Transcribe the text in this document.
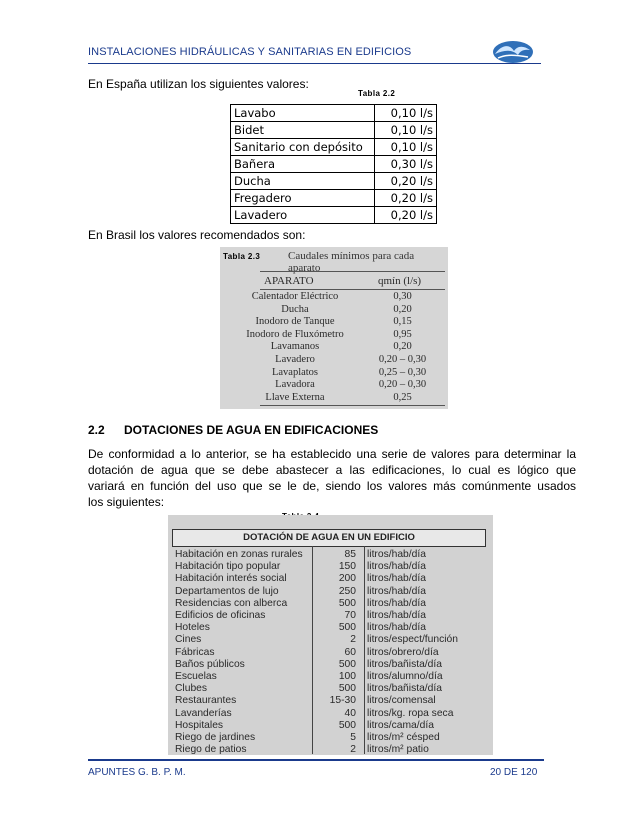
INSTALACIONES HIDRÁULICAS Y SANITARIAS EN EDIFICIOS
En España utilizan los siguientes valores:
Tabla 2.2
Lavabo	0,10 l/s
Bidet	0,10 l/s
Sanitario con depósito	0,10 l/s
Bañera	0,30 l/s
Ducha	0,20 l/s
Fregadero	0,20 l/s
Lavadero	0,20 l/s
En Brasil los valores recomendados son:
Tabla 2.3	Caudales mínimos para cada aparato
APARATO	qmín (l/s)
Calentador Eléctrico	0,30
Ducha	0,20
Inodoro de Tanque	0,15
Inodoro de Fluxómetro	0,95
Lavamanos	0,20
Lavadero	0,20 – 0,30
Lavaplatos	0,25 – 0,30
Lavadora	0,20 – 0,30
Llave Externa	0,25
2.2 DOTACIONES DE AGUA EN EDIFICACIONES
De conformidad a lo anterior, se ha establecido una serie de valores para determinar la
dotación de agua que se debe abastecer a las edificaciones, lo cual es lógico que
variará en función del uso que se le de, siendo los valores más comúnmente usados
los siguientes:
DOTACIÓN DE AGUA EN UN EDIFICIO
Habitación en zonas rurales	85 litros/hab/día
Habitación tipo popular	150 litros/hab/día
Habitación interés social	200 litros/hab/día
Departamentos de lujo	250 litros/hab/día
Residencias con alberca	500 litros/hab/día
Edificios de oficinas	70 litros/hab/día
Hoteles	500 litros/hab/día
Cines	2 litros/espect/función
Fábricas	60 litros/obrero/día
Baños públicos	500 litros/bañista/día
Escuelas	100 litros/alumno/día
Clubes	500 litros/bañista/día
Restaurantes	15-30 litros/comensal
Lavanderías	40 litros/kg. ropa seca
Hospitales	500 litros/cama/día
Riego de jardines	5 litros/m² césped
Riego de patios	2 litros/m² patio
APUNTES G. B. P. M.	20 DE 120
